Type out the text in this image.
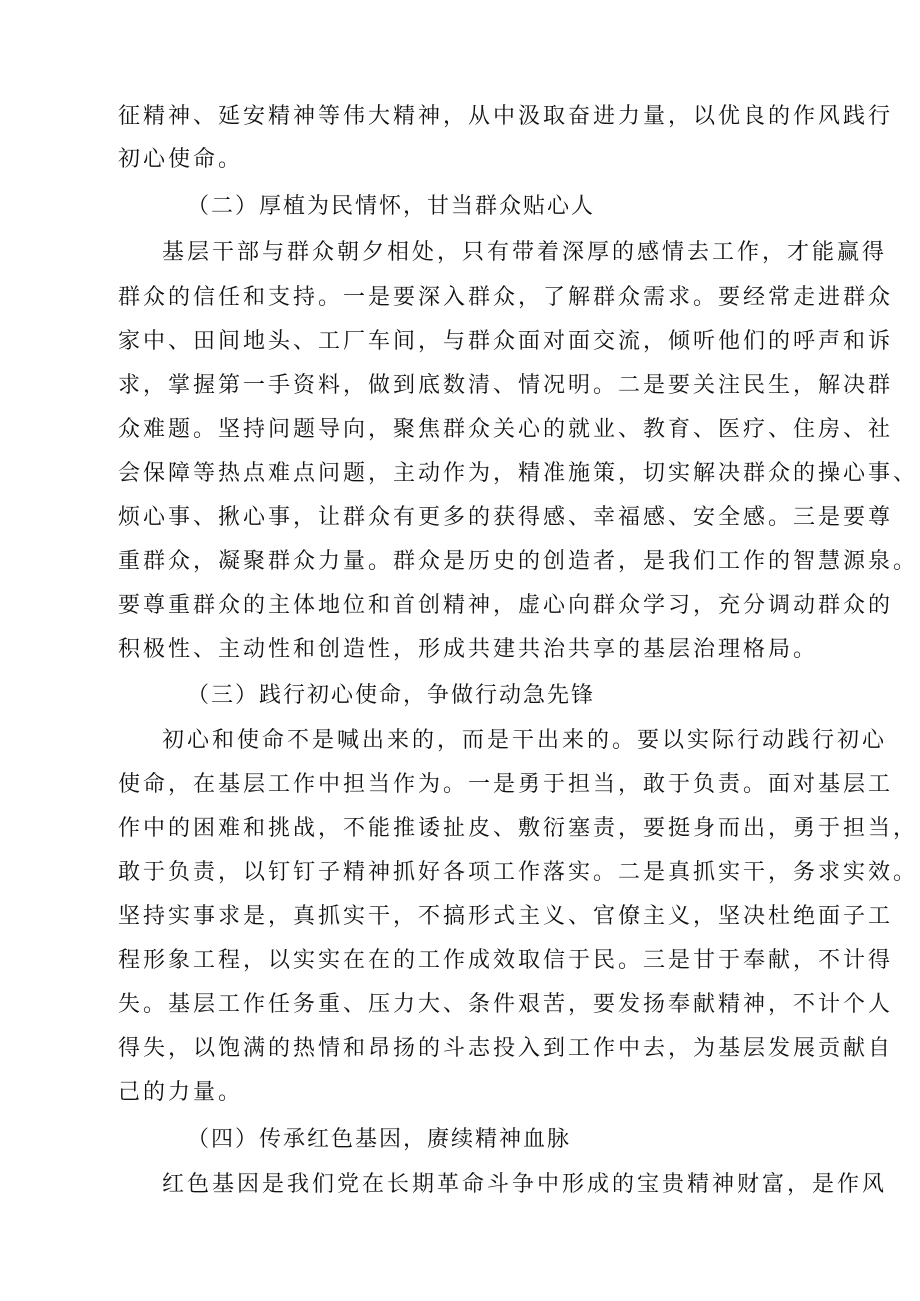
征精神、延安精神等伟大精神，从中汲取奋进力量，以优良的作风践行
初心使命。
（二）厚植为民情怀，甘当群众贴心人
基层干部与群众朝夕相处，只有带着深厚的感情去工作，才能赢得
群众的信任和支持。一是要深入群众，了解群众需求。要经常走进群众
家中、田间地头、工厂车间，与群众面对面交流，倾听他们的呼声和诉
求，掌握第一手资料，做到底数清、情况明。二是要关注民生，解决群
众难题。坚持问题导向，聚焦群众关心的就业、教育、医疗、住房、社
会保障等热点难点问题，主动作为，精准施策，切实解决群众的操心事、
烦心事、揪心事，让群众有更多的获得感、幸福感、安全感。三是要尊
重群众，凝聚群众力量。群众是历史的创造者，是我们工作的智慧源泉。
要尊重群众的主体地位和首创精神，虚心向群众学习，充分调动群众的
积极性、主动性和创造性，形成共建共治共享的基层治理格局。
（三）践行初心使命，争做行动急先锋
初心和使命不是喊出来的，而是干出来的。要以实际行动践行初心
使命，在基层工作中担当作为。一是勇于担当，敢于负责。面对基层工
作中的困难和挑战，不能推诿扯皮、敷衍塞责，要挺身而出，勇于担当，
敢于负责，以钉钉子精神抓好各项工作落实。二是真抓实干，务求实效。
坚持实事求是，真抓实干，不搞形式主义、官僚主义，坚决杜绝面子工
程形象工程，以实实在在的工作成效取信于民。三是甘于奉献，不计得
失。基层工作任务重、压力大、条件艰苦，要发扬奉献精神，不计个人
得失，以饱满的热情和昂扬的斗志投入到工作中去，为基层发展贡献自
己的力量。
（四）传承红色基因，赓续精神血脉
红色基因是我们党在长期革命斗争中形成的宝贵精神财富，是作风
